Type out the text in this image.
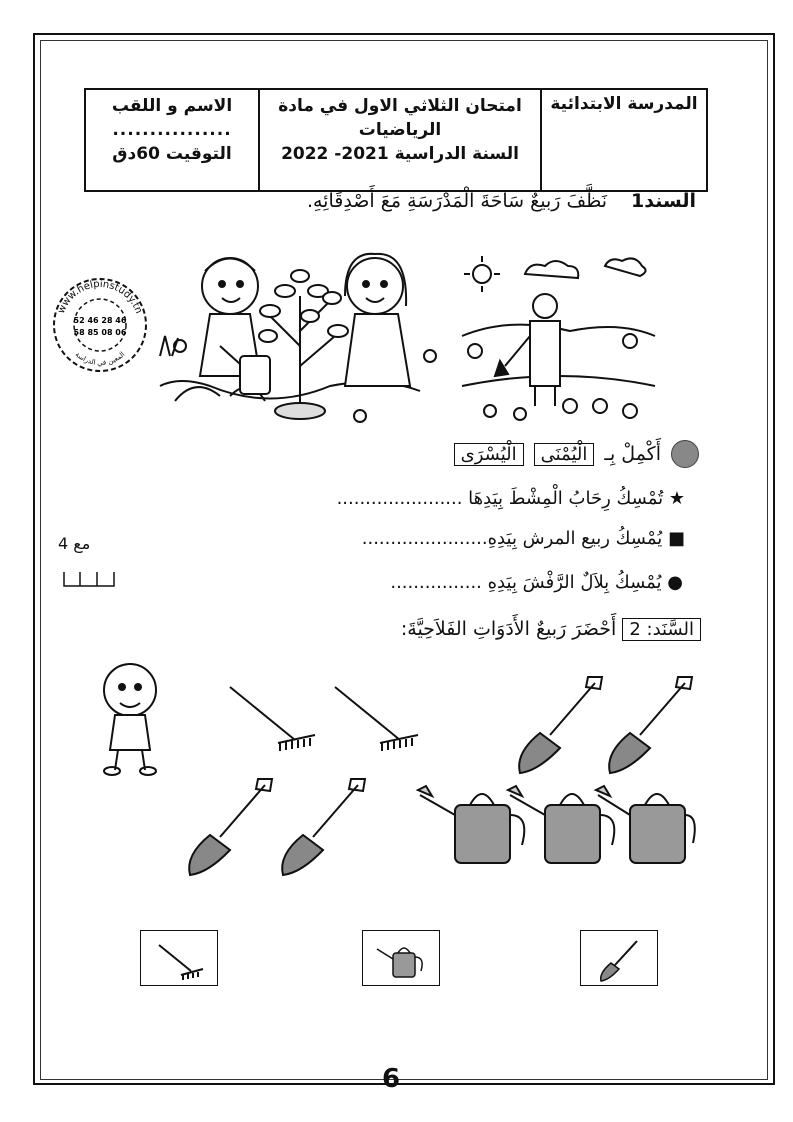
المدرسة الابتدائية
امتحان الثلاثي الاول في مادة
الرياضيات
السنة الدراسية 2021- 2022
الاسم و اللقب
................
التوقيت 60دق
السند1 نَظَّفَ رَبيعٌ سَاحَةَ الْمَدْرَسَةِ مَعَ أَصْدِقَائِهِ.
www.helpinstudy.tn
52 46 28 46
58 85 08 06
المعين في الدراسة
أَكْمِلْ بِـ
الْيُمْنَى
الْيُسْرَى
★ تُمْسِكُ رِحَابُ الْمِشْطَ بِيَدِهَا ......................
■ يُمْسِكُ ربيع المرش بِيَدِهِ......................
● يُمْسِكُ بِلاَلٌ الرَّفْشَ بِيَدِهِ ................
مع 4
السَّنَد: 2 أَحْضَرَ رَبيعٌ الأَدَوَاتِ الفَلاَحِيَّةَ:
6
